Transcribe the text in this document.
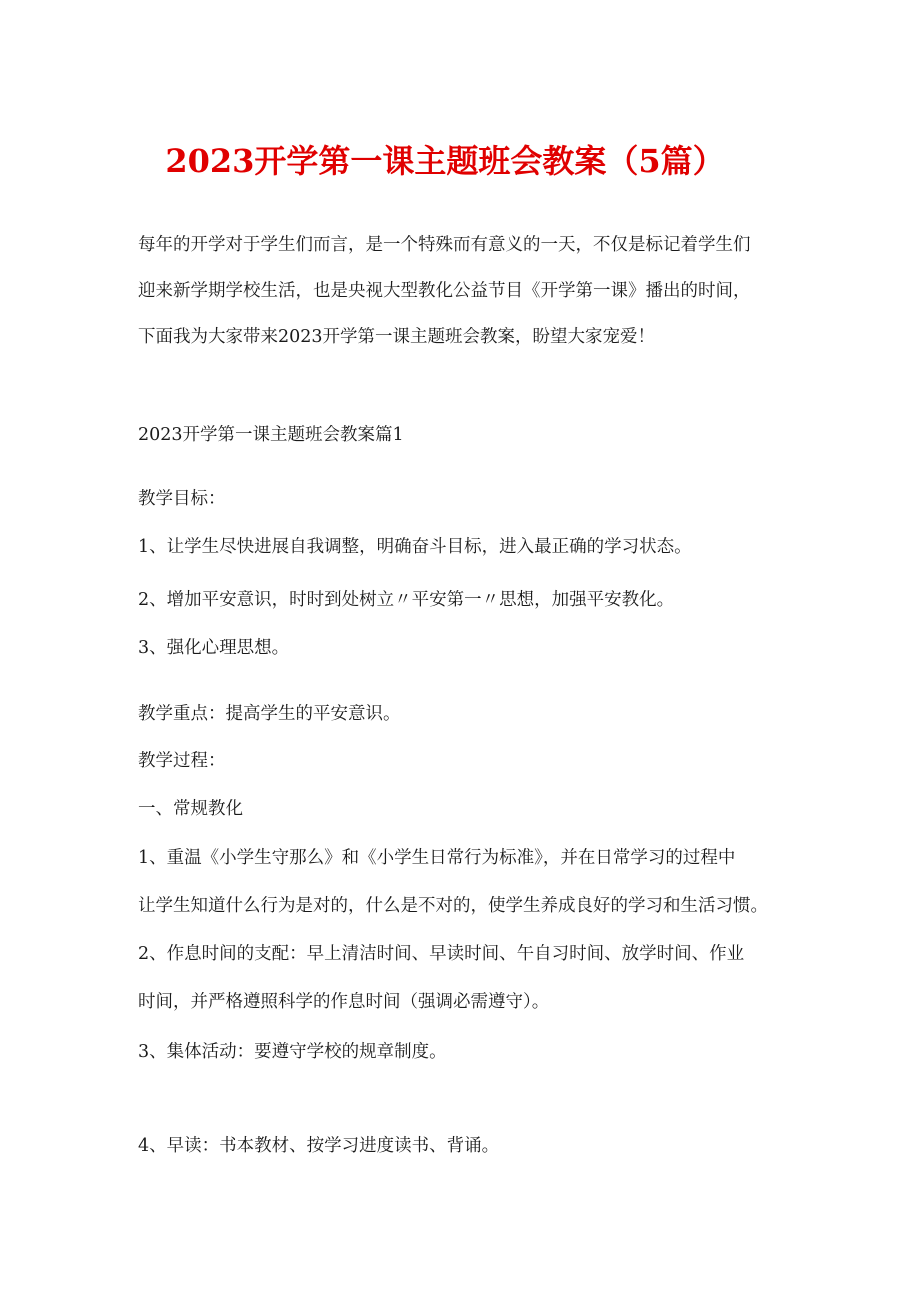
2023开学第一课主题班会教案（5篇）
每年的开学对于学生们而言，是一个特殊而有意义的一天，不仅是标记着学生们
迎来新学期学校生活，也是央视大型教化公益节目《开学第一课》播出的时间，
下面我为大家带来2023开学第一课主题班会教案，盼望大家宠爱！
2023开学第一课主题班会教案篇1
教学目标：
1、让学生尽快进展自我调整，明确奋斗目标，进入最正确的学习状态。
2、增加平安意识，时时到处树立〃平安第一〃思想，加强平安教化。
3、强化心理思想。
教学重点：提高学生的平安意识。
教学过程：
一、常规教化
1、重温《小学生守那么》和《小学生日常行为标准》，并在日常学习的过程中
让学生知道什么行为是对的，什么是不对的，使学生养成良好的学习和生活习惯。
2、作息时间的支配：早上清洁时间、早读时间、午自习时间、放学时间、作业
时间，并严格遵照科学的作息时间（强调必需遵守）。
3、集体活动：要遵守学校的规章制度。
4、早读：书本教材、按学习进度读书、背诵。
